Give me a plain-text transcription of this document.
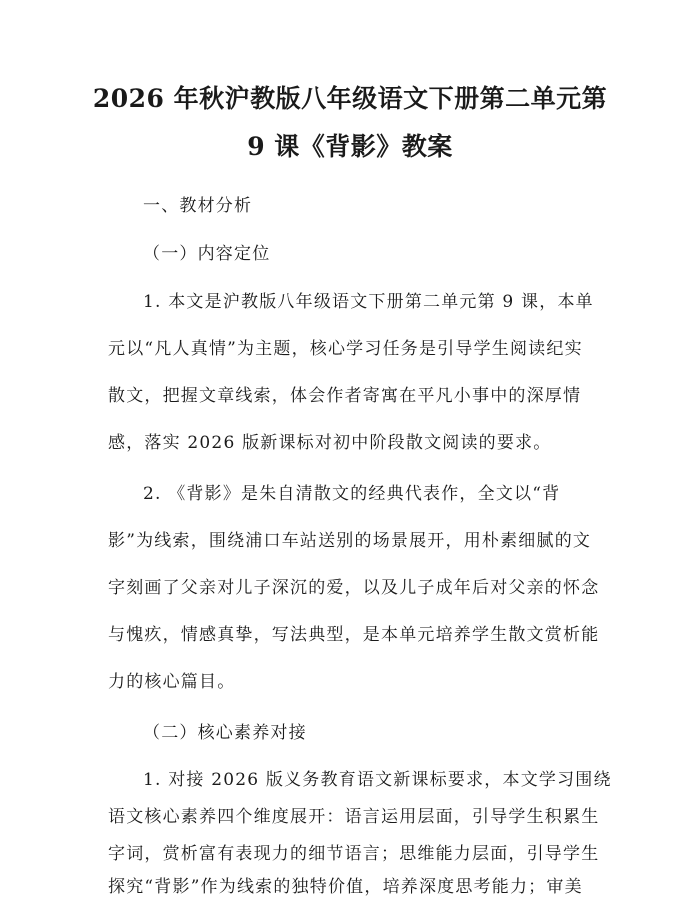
2026 年秋沪教版八年级语文下册第二单元第
9 课《背影》教案
一、教材分析
（一）内容定位
1. 本文是沪教版八年级语文下册第二单元第 9 课，本单
元以“凡人真情”为主题，核心学习任务是引导学生阅读纪实
散文，把握文章线索，体会作者寄寓在平凡小事中的深厚情
感，落实 2026 版新课标对初中阶段散文阅读的要求。
2. 《背影》是朱自清散文的经典代表作，全文以“背
影”为线索，围绕浦口车站送别的场景展开，用朴素细腻的文
字刻画了父亲对儿子深沉的爱，以及儿子成年后对父亲的怀念
与愧疚，情感真挚，写法典型，是本单元培养学生散文赏析能
力的核心篇目。
（二）核心素养对接
1. 对接 2026 版义务教育语文新课标要求，本文学习围绕
语文核心素养四个维度展开：语言运用层面，引导学生积累生
字词，赏析富有表现力的细节语言；思维能力层面，引导学生
探究“背影”作为线索的独特价值，培养深度思考能力；审美
